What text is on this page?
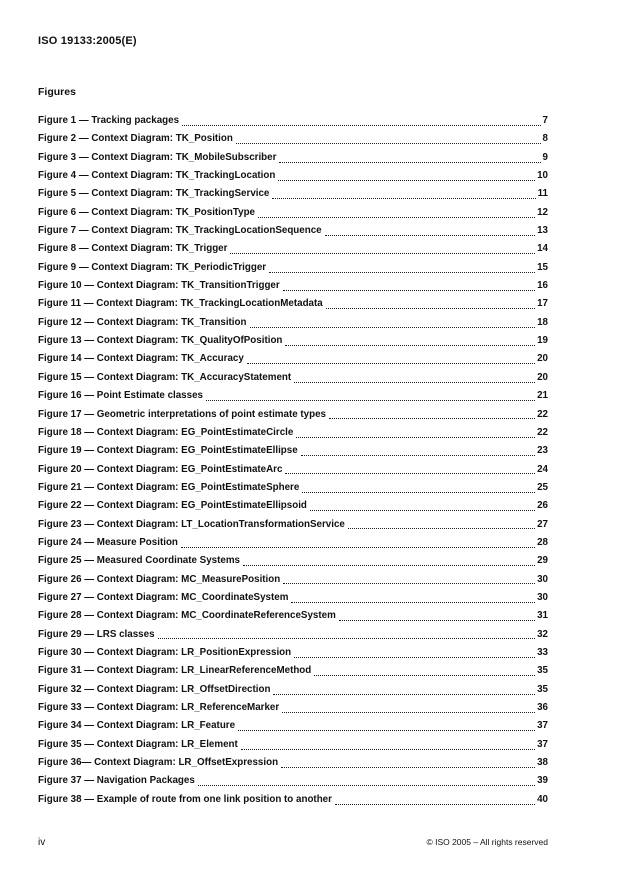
ISO 19133:2005(E)
Figures
Figure 1 — Tracking packages	7
Figure 2 — Context Diagram: TK_Position	8
Figure 3 — Context Diagram: TK_MobileSubscriber	9
Figure 4 — Context Diagram: TK_TrackingLocation	10
Figure 5 — Context Diagram: TK_TrackingService	11
Figure 6 — Context Diagram: TK_PositionType	12
Figure 7 — Context Diagram: TK_TrackingLocationSequence	13
Figure 8 — Context Diagram: TK_Trigger	14
Figure 9 — Context Diagram: TK_PeriodicTrigger	15
Figure 10 — Context Diagram: TK_TransitionTrigger	16
Figure 11 — Context Diagram: TK_TrackingLocationMetadata	17
Figure 12 — Context Diagram: TK_Transition	18
Figure 13 — Context Diagram: TK_QualityOfPosition	19
Figure 14 — Context Diagram: TK_Accuracy	20
Figure 15 — Context Diagram: TK_AccuracyStatement	20
Figure 16 — Point Estimate classes	21
Figure 17 — Geometric interpretations of point estimate types	22
Figure 18 — Context Diagram: EG_PointEstimateCircle	22
Figure 19 — Context Diagram: EG_PointEstimateEllipse	23
Figure 20 — Context Diagram: EG_PointEstimateArc	24
Figure 21 — Context Diagram: EG_PointEstimateSphere	25
Figure 22 — Context Diagram: EG_PointEstimateEllipsoid	26
Figure 23 — Context Diagram: LT_LocationTransformationService	27
Figure 24 — Measure Position	28
Figure 25 — Measured Coordinate Systems	29
Figure 26 — Context Diagram: MC_MeasurePosition	30
Figure 27 — Context Diagram: MC_CoordinateSystem	30
Figure 28 — Context Diagram: MC_CoordinateReferenceSystem	31
Figure 29 — LRS classes	32
Figure 30 — Context Diagram: LR_PositionExpression	33
Figure 31 — Context Diagram: LR_LinearReferenceMethod	35
Figure 32 — Context Diagram: LR_OffsetDirection	35
Figure 33 — Context Diagram: LR_ReferenceMarker	36
Figure 34 — Context Diagram: LR_Feature	37
Figure 35 — Context Diagram: LR_Element	37
Figure 36— Context Diagram: LR_OffsetExpression	38
Figure 37 — Navigation Packages	39
Figure 38 — Example of route from one link position to another	40
iv	© ISO 2005 – All rights reserved
